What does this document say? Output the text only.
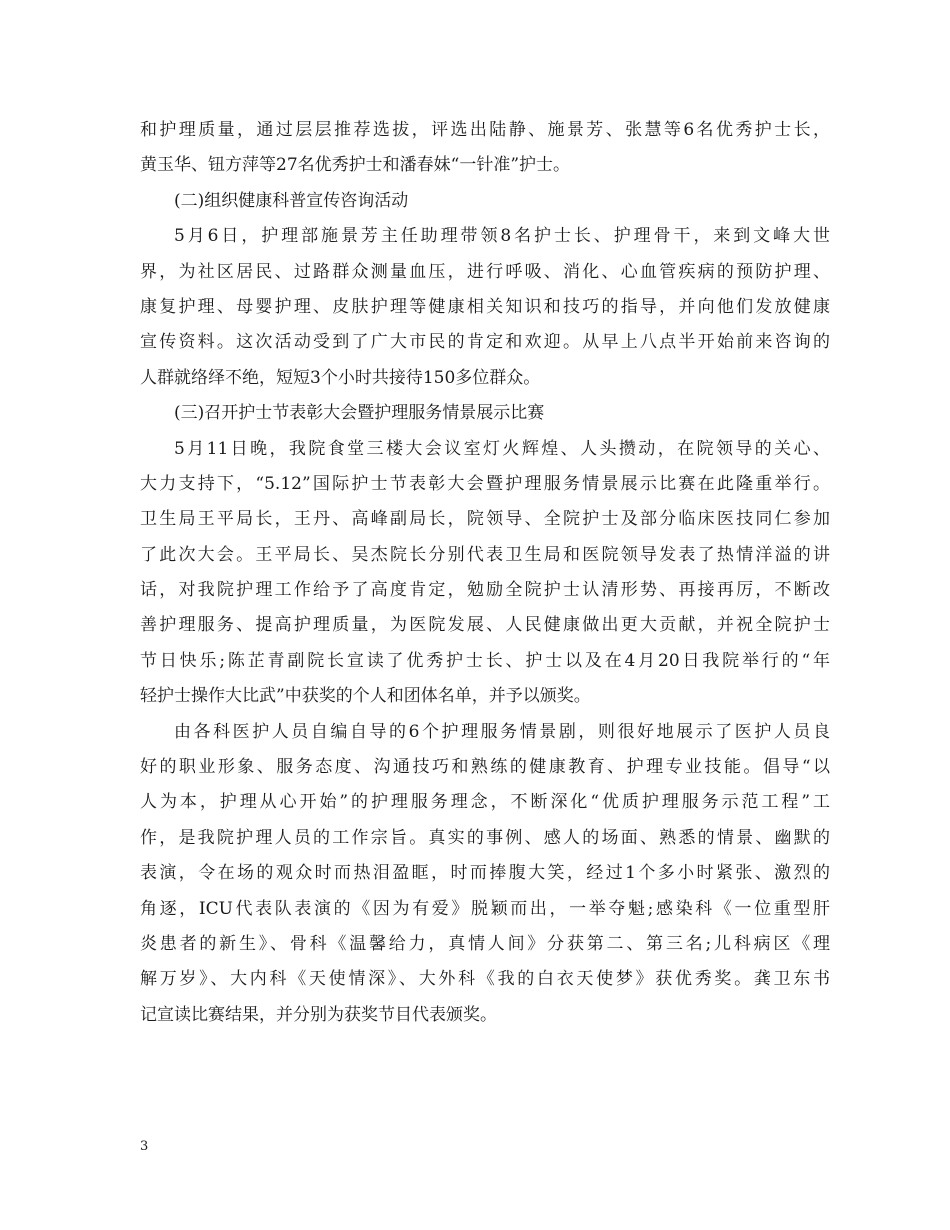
和护理质量，通过层层推荐选拔，评选出陆静、施景芳、张慧等6名优秀护士长，
黄玉华、钮方萍等27名优秀护士和潘春妹“一针准”护士。
(二)组织健康科普宣传咨询活动
5月6日，护理部施景芳主任助理带领8名护士长、护理骨干，来到文峰大世
界，为社区居民、过路群众测量血压，进行呼吸、消化、心血管疾病的预防护理、
康复护理、母婴护理、皮肤护理等健康相关知识和技巧的指导，并向他们发放健康
宣传资料。这次活动受到了广大市民的肯定和欢迎。从早上八点半开始前来咨询的
人群就络绎不绝，短短3个小时共接待150多位群众。
(三)召开护士节表彰大会暨护理服务情景展示比赛
5月11日晚，我院食堂三楼大会议室灯火辉煌、人头攒动，在院领导的关心、
大力支持下，“5.12”国际护士节表彰大会暨护理服务情景展示比赛在此隆重举行。
卫生局王平局长，王丹、高峰副局长，院领导、全院护士及部分临床医技同仁参加
了此次大会。王平局长、吴杰院长分别代表卫生局和医院领导发表了热情洋溢的讲
话，对我院护理工作给予了高度肯定，勉励全院护士认清形势、再接再厉，不断改
善护理服务、提高护理质量，为医院发展、人民健康做出更大贡献，并祝全院护士
节日快乐;陈芷青副院长宣读了优秀护士长、护士以及在4月20日我院举行的“年
轻护士操作大比武”中获奖的个人和团体名单，并予以颁奖。
由各科医护人员自编自导的6个护理服务情景剧，则很好地展示了医护人员良
好的职业形象、服务态度、沟通技巧和熟练的健康教育、护理专业技能。倡导“以
人为本，护理从心开始”的护理服务理念，不断深化“优质护理服务示范工程”工
作，是我院护理人员的工作宗旨。真实的事例、感人的场面、熟悉的情景、幽默的
表演，令在场的观众时而热泪盈眶，时而捧腹大笑，经过1个多小时紧张、激烈的
角逐，ICU代表队表演的《因为有爱》脱颖而出，一举夺魁;感染科《一位重型肝
炎患者的新生》、骨科《温馨给力，真情人间》分获第二、第三名;儿科病区《理
解万岁》、大内科《天使情深》、大外科《我的白衣天使梦》获优秀奖。龚卫东书
记宣读比赛结果，并分别为获奖节目代表颁奖。
3
